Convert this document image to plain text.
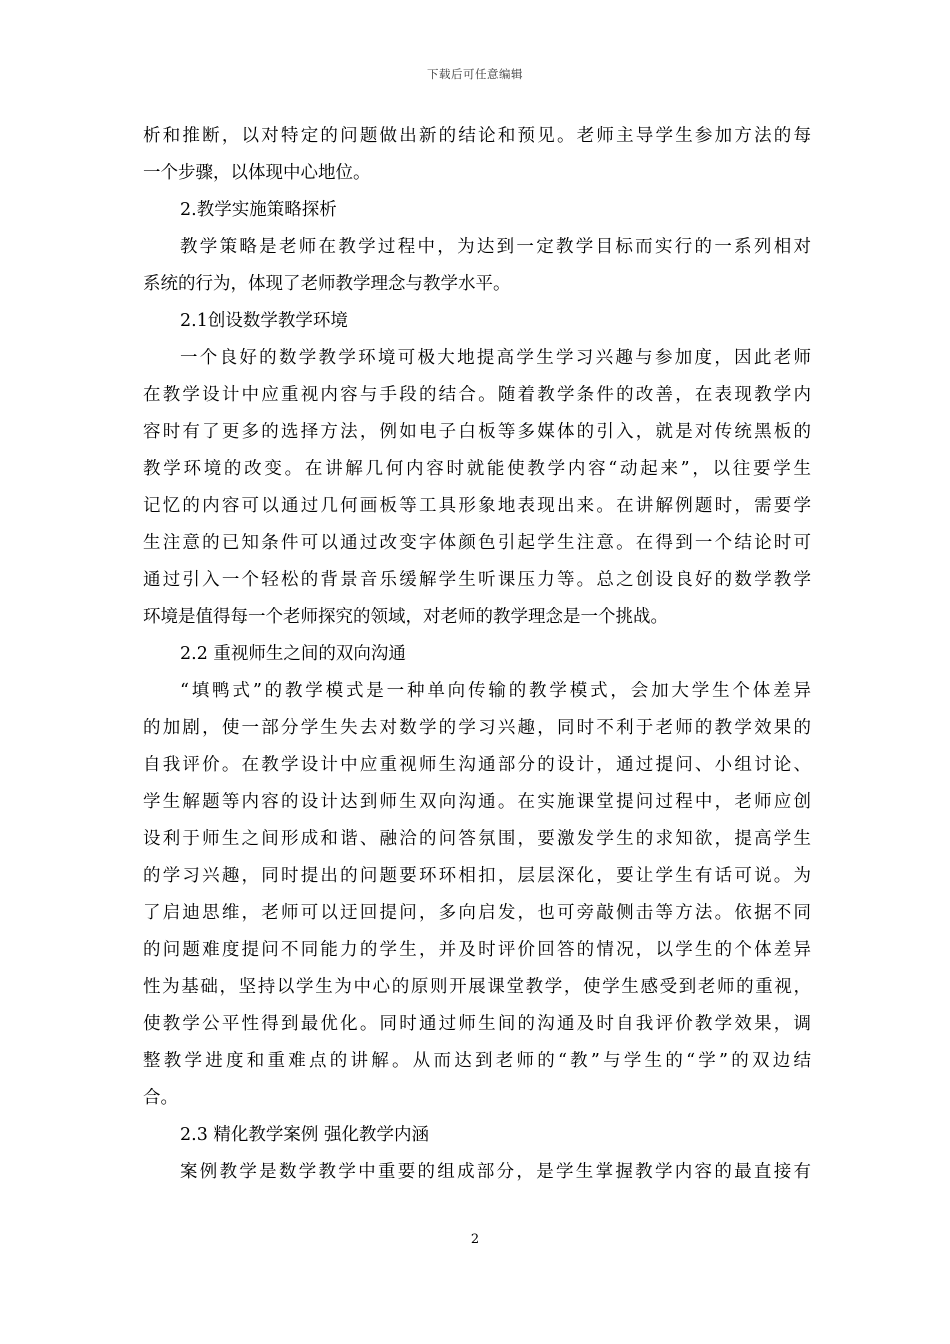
下载后可任意编辑
析和推断，以对特定的问题做出新的结论和预见。老师主导学生参加方法的每
一个步骤，以体现中心地位。
2.教学实施策略探析
教学策略是老师在教学过程中，为达到一定教学目标而实行的一系列相对
系统的行为，体现了老师教学理念与教学水平。
2.1创设数学教学环境
一个良好的数学教学环境可极大地提高学生学习兴趣与参加度，因此老师
在教学设计中应重视内容与手段的结合。随着教学条件的改善，在表现教学内
容时有了更多的选择方法，例如电子白板等多媒体的引入，就是对传统黑板的
教学环境的改变。在讲解几何内容时就能使教学内容“动起来”，以往要学生
记忆的内容可以通过几何画板等工具形象地表现出来。在讲解例题时，需要学
生注意的已知条件可以通过改变字体颜色引起学生注意。在得到一个结论时可
通过引入一个轻松的背景音乐缓解学生听课压力等。总之创设良好的数学教学
环境是值得每一个老师探究的领域，对老师的教学理念是一个挑战。
2.2 重视师生之间的双向沟通
“填鸭式”的教学模式是一种单向传输的教学模式，会加大学生个体差异
的加剧，使一部分学生失去对数学的学习兴趣，同时不利于老师的教学效果的
自我评价。在教学设计中应重视师生沟通部分的设计，通过提问、小组讨论、
学生解题等内容的设计达到师生双向沟通。在实施课堂提问过程中，老师应创
设利于师生之间形成和谐、融洽的问答氛围，要激发学生的求知欲，提高学生
的学习兴趣，同时提出的问题要环环相扣，层层深化，要让学生有话可说。为
了启迪思维，老师可以迂回提问，多向启发，也可旁敲侧击等方法。依据不同
的问题难度提问不同能力的学生，并及时评价回答的情况，以学生的个体差异
性为基础，坚持以学生为中心的原则开展课堂教学，使学生感受到老师的重视，
使教学公平性得到最优化。同时通过师生间的沟通及时自我评价教学效果，调
整教学进度和重难点的讲解。从而达到老师的“教”与学生的“学”的双边结
合。
2.3 精化教学案例 强化教学内涵
案例教学是数学教学中重要的组成部分，是学生掌握教学内容的最直接有
2
